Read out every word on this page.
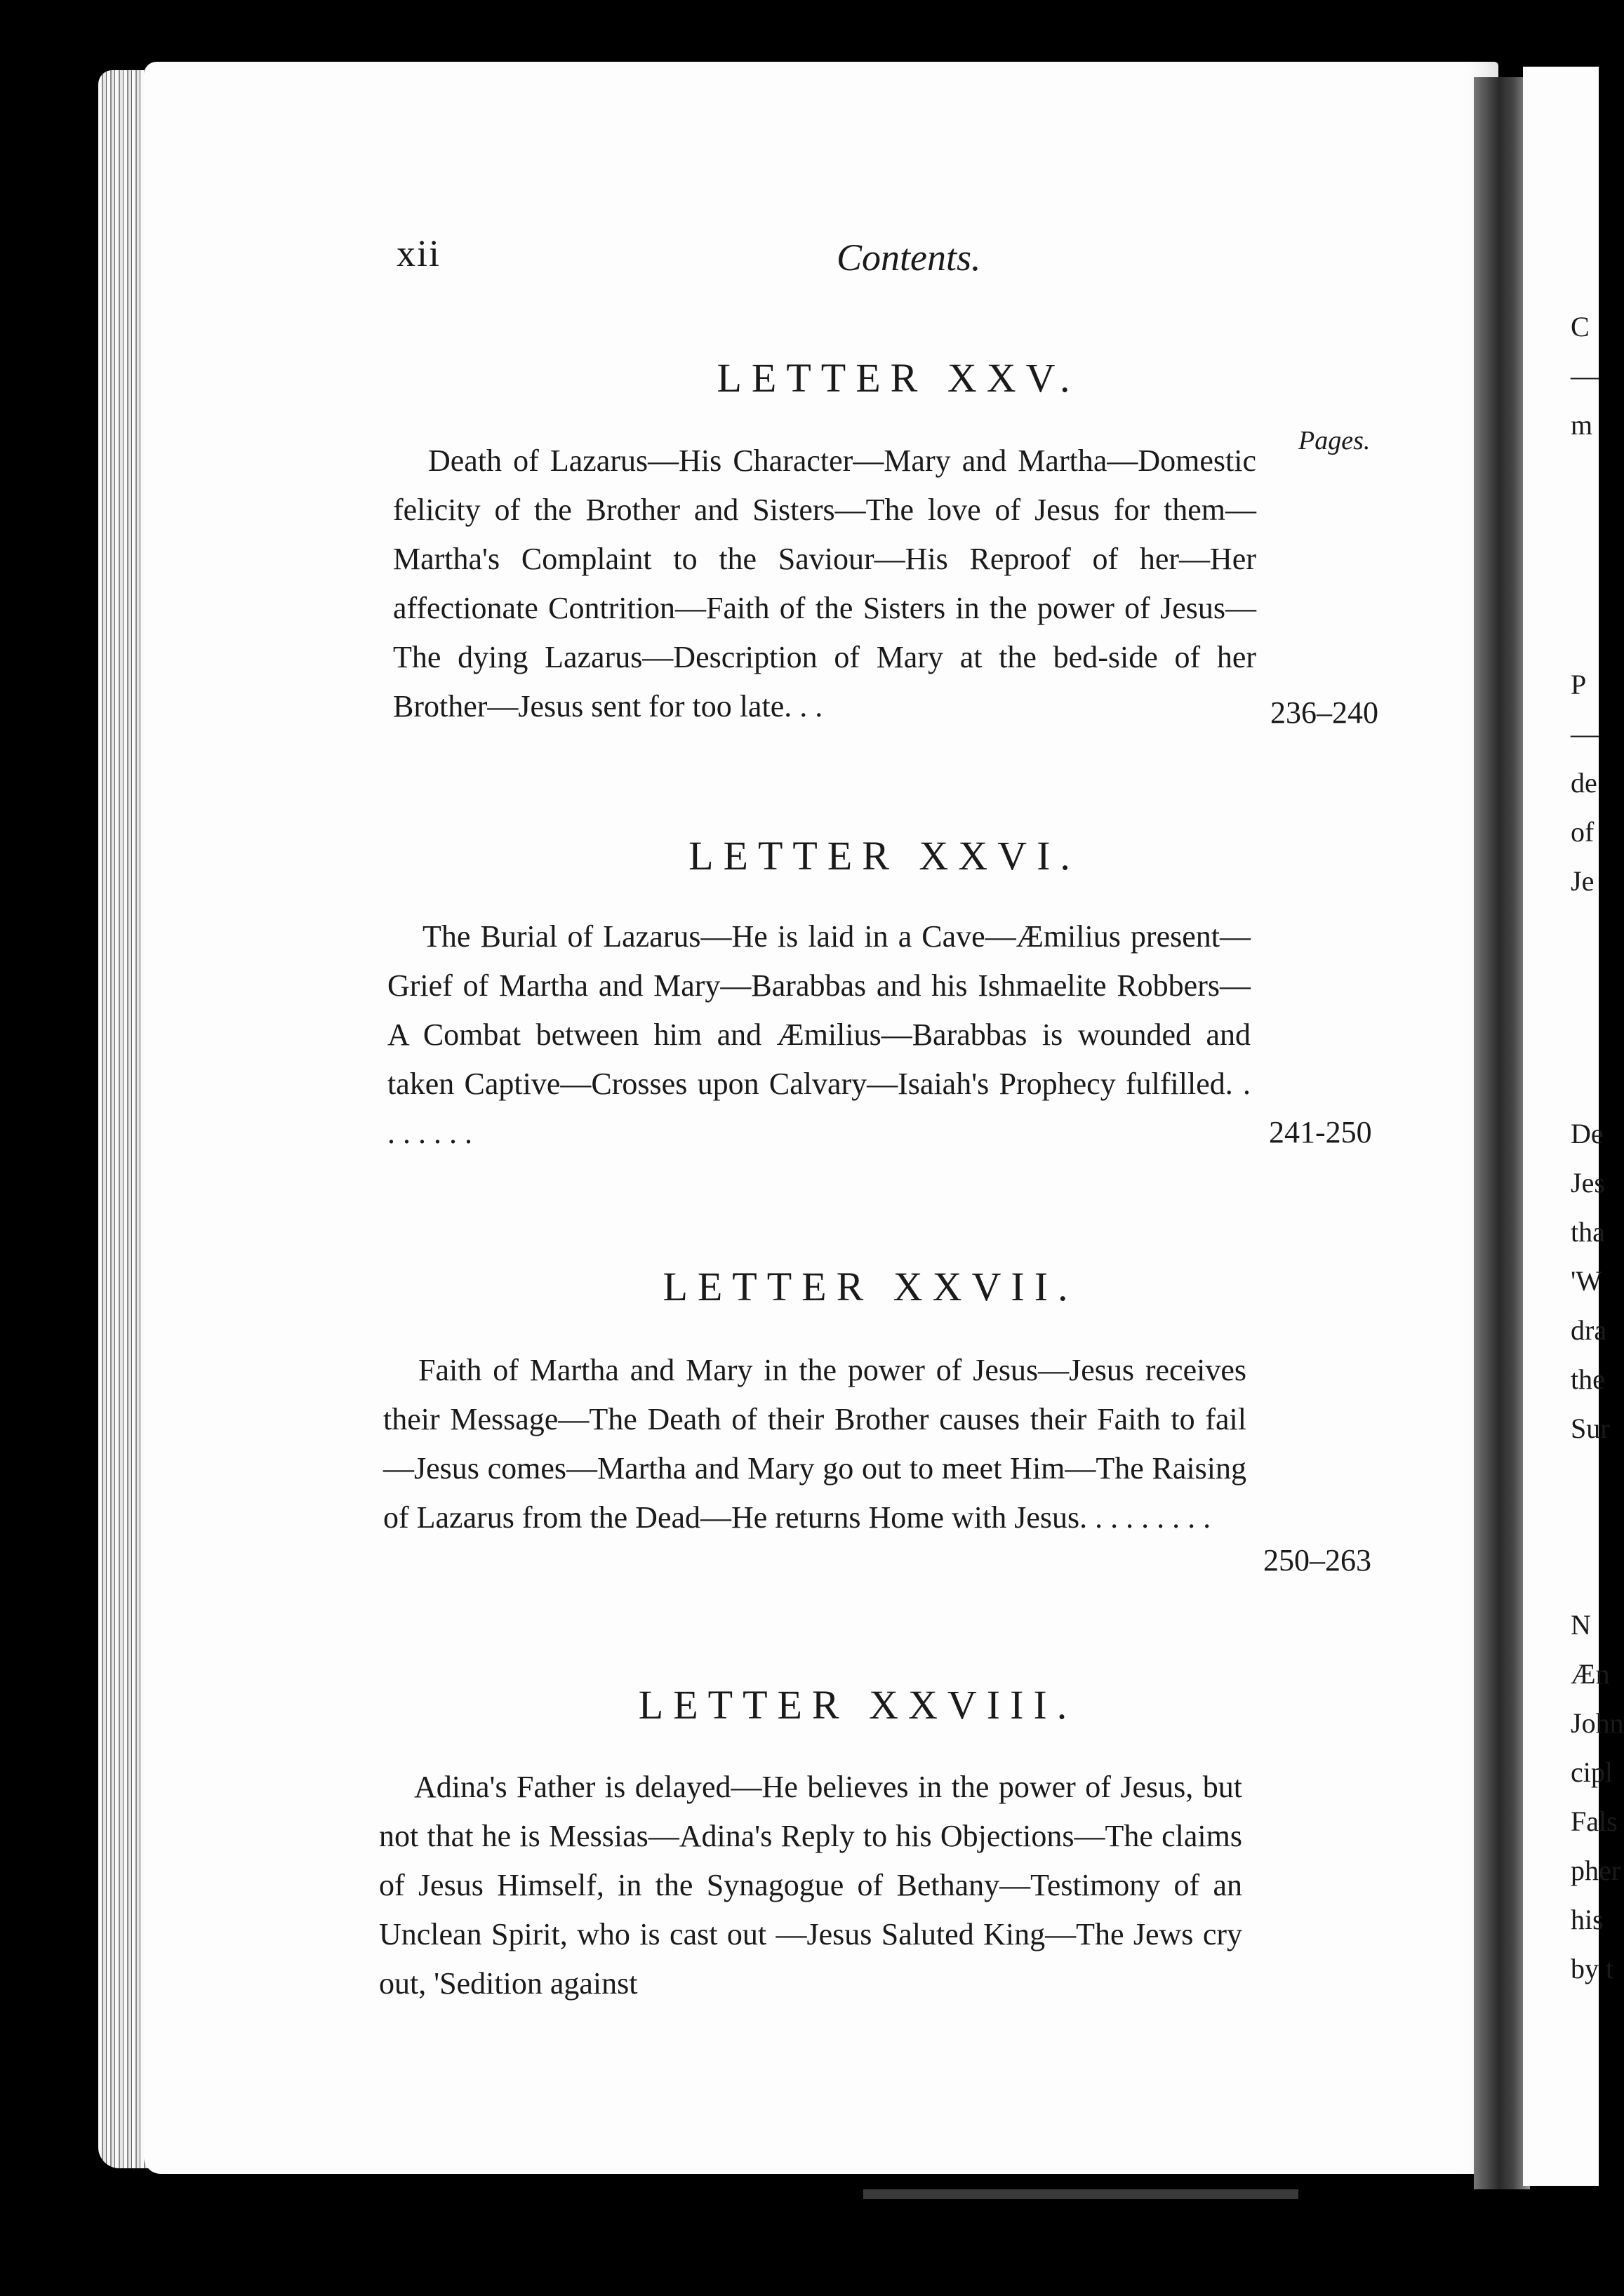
xii	Contents.
LETTER XXV.
Pages.
Death of Lazarus—His Character—Mary and Martha—Domestic felicity of the Brother and Sisters—The love of Jesus for them—Martha's Complaint to the Saviour—His Reproof of her—Her affectionate Contrition—Faith of the Sisters in the power of Jesus—The dying Lazarus—Description of Mary at the bed-side of her Brother—Jesus sent for too late. . .	236–240
LETTER XXVI.
The Burial of Lazarus—He is laid in a Cave—Æmilius present—Grief of Martha and Mary—Barabbas and his Ishmaelite Robbers—A Combat between him and Æmilius—Barabbas is wounded and taken Captive—Crosses upon Calvary—Isaiah's Prophecy fulfilled. . . . . . . .	241-250
LETTER XXVII.
Faith of Martha and Mary in the power of Jesus—Jesus receives their Message—The Death of their Brother causes their Faith to fail—Jesus comes—Martha and Mary go out to meet Him—The Raising of Lazarus from the Dead—He returns Home with Jesus. . . . . . . . .
250–263
LETTER XXVIII.
Adina's Father is delayed—He believes in the power of Jesus, but not that he is Messias—Adina's Reply to his Objections—The claims of Jesus Himself, in the Synagogue of Bethany—Testimony of an Unclean Spirit, who is cast out —Jesus Saluted King—The Jews cry out, 'Sedition against
C
—
m
P
—
de
of
Je
De
Jes
tha
'W
dra
the
Sur
N
Æn
John
cipl
Fals
pher
his
by t
